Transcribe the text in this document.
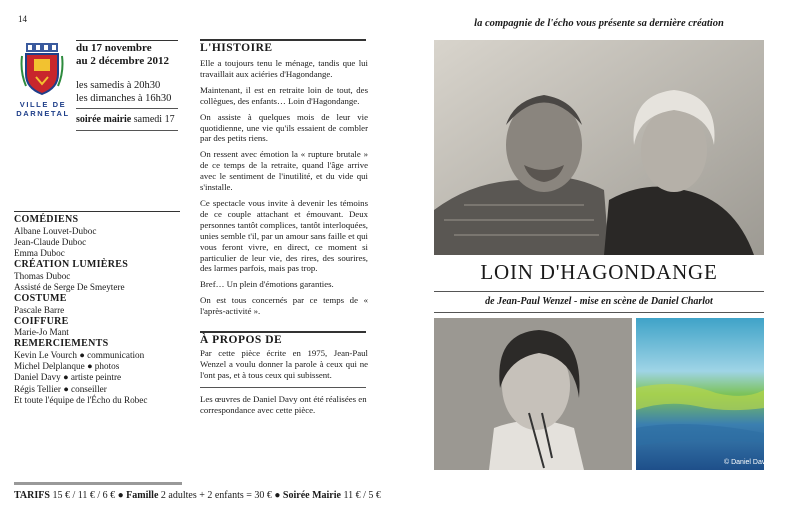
14
VILLE DE
DARNETAL
du 17 novembre
au 2 décembre 2012
les samedis à 20h30
les dimanches à 16h30
soirée mairie samedi 17
COMÉDIENS
Albane Louvet-Duboc
Jean-Claude Duboc
Emma Duboc
CRÉATION LUMIÈRES
Thomas Duboc
Assisté de Serge De Smeytere
COSTUME
Pascale Barre
COIFFURE
Marie-Jo Mant
REMERCIEMENTS
Kevin Le Vourch ● communication
Michel Delplanque ● photos
Daniel Davy ● artiste peintre
Régis Tellier ● conseiller
Et toute l'équipe de l'Écho du Robec
L'HISTOIRE

Elle a toujours tenu le ménage, tandis que lui travaillait aux aciéries d'Hagondange.

Maintenant, il est en retraite loin de tout, des collègues, des enfants… Loin d'Hagondange.

On assiste à quelques mois de leur vie quotidienne, une vie qu'ils essaient de combler par des petits riens.

On ressent avec émotion la « rupture brutale » de ce temps de la retraite, quand l'âge arrive avec le sentiment de l'inutilité, et du vide qui s'installe.

Ce spectacle vous invite à devenir les témoins de ce couple attachant et émouvant. Deux personnes tantôt complices, tantôt interloquées, unies semble t'il, par un amour sans faille et qui vous feront vivre, en direct, ce moment si particulier de leur vie, des rires, des sourires, des larmes parfois, mais pas trop.

Bref… Un plein d'émotions garanties.

On est tous concernés par ce temps de « l'après-activité ».

À PROPOS DE
Par cette pièce écrite en 1975, Jean-Paul Wenzel a voulu donner la parole à ceux qui ne l'ont pas, et à tous ceux qui subissent.
Les œuvres de Daniel Davy ont été réalisées en correspondance avec cette pièce.
la compagnie de l'écho vous présente sa dernière création
LOIN D'HAGONDANGE
de Jean-Paul Wenzel - mise en scène de Daniel Charlot
© Daniel Davy
TARIFS 15 € / 11 € / 6 € ● Famille 2 adultes + 2 enfants = 30 € ● Soirée Mairie 11 € / 5 €
